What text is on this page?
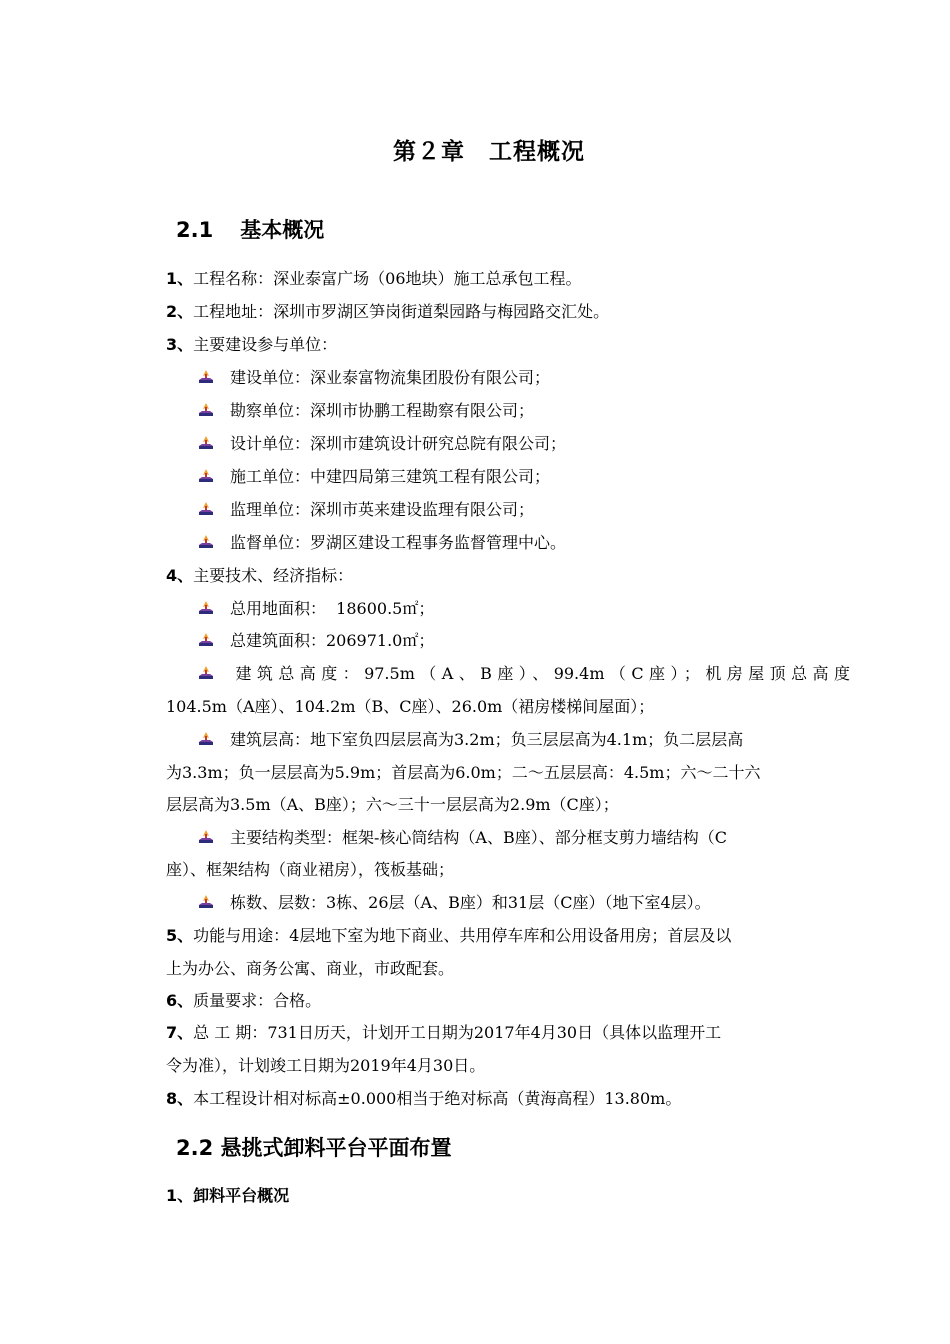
第２章　工程概况
2.1 基本概况
1、工程名称：深业泰富广场（06地块）施工总承包工程。
2、工程地址：深圳市罗湖区笋岗街道梨园路与梅园路交汇处。
3、主要建设参与单位：
建设单位：深业泰富物流集团股份有限公司；
勘察单位：深圳市协鹏工程勘察有限公司；
设计单位：深圳市建筑设计研究总院有限公司；
施工单位：中建四局第三建筑工程有限公司；
监理单位：深圳市英来建设监理有限公司；
监督单位：罗湖区建设工程事务监督管理中心。
4、主要技术、经济指标：
总用地面积：  18600.5㎡；
总建筑面积：206971.0㎡；
建筑总高度：97.5m（A、B座）、99.4m（C座）；机房屋顶总高度
104.5m（A座）、104.2m（B、C座）、26.0m（裙房楼梯间屋面）；
建筑层高：地下室负四层层高为3.2m；负三层层高为4.1m；负二层层高
为3.3m；负一层层高为5.9m；首层高为6.0m；二～五层层高：4.5m；六～二十六
层层高为3.5m（A、B座）；六～三十一层层高为2.9m（C座）；
主要结构类型：框架-核心筒结构（A、B座）、部分框支剪力墙结构（C
座）、框架结构（商业裙房），筏板基础；
栋数、层数：3栋、26层（A、B座）和31层（C座）（地下室4层）。
5、功能与用途：4层地下室为地下商业、共用停车库和公用设备用房；首层及以
上为办公、商务公寓、商业，市政配套。
6、质量要求：合格。
7、总 工 期：731日历天，计划开工日期为2017年4月30日（具体以监理开工
令为准），计划竣工日期为2019年4月30日。
8、本工程设计相对标高±0.000相当于绝对标高（黄海高程）13.80m。
2.2 悬挑式卸料平台平面布置
1、卸料平台概况
